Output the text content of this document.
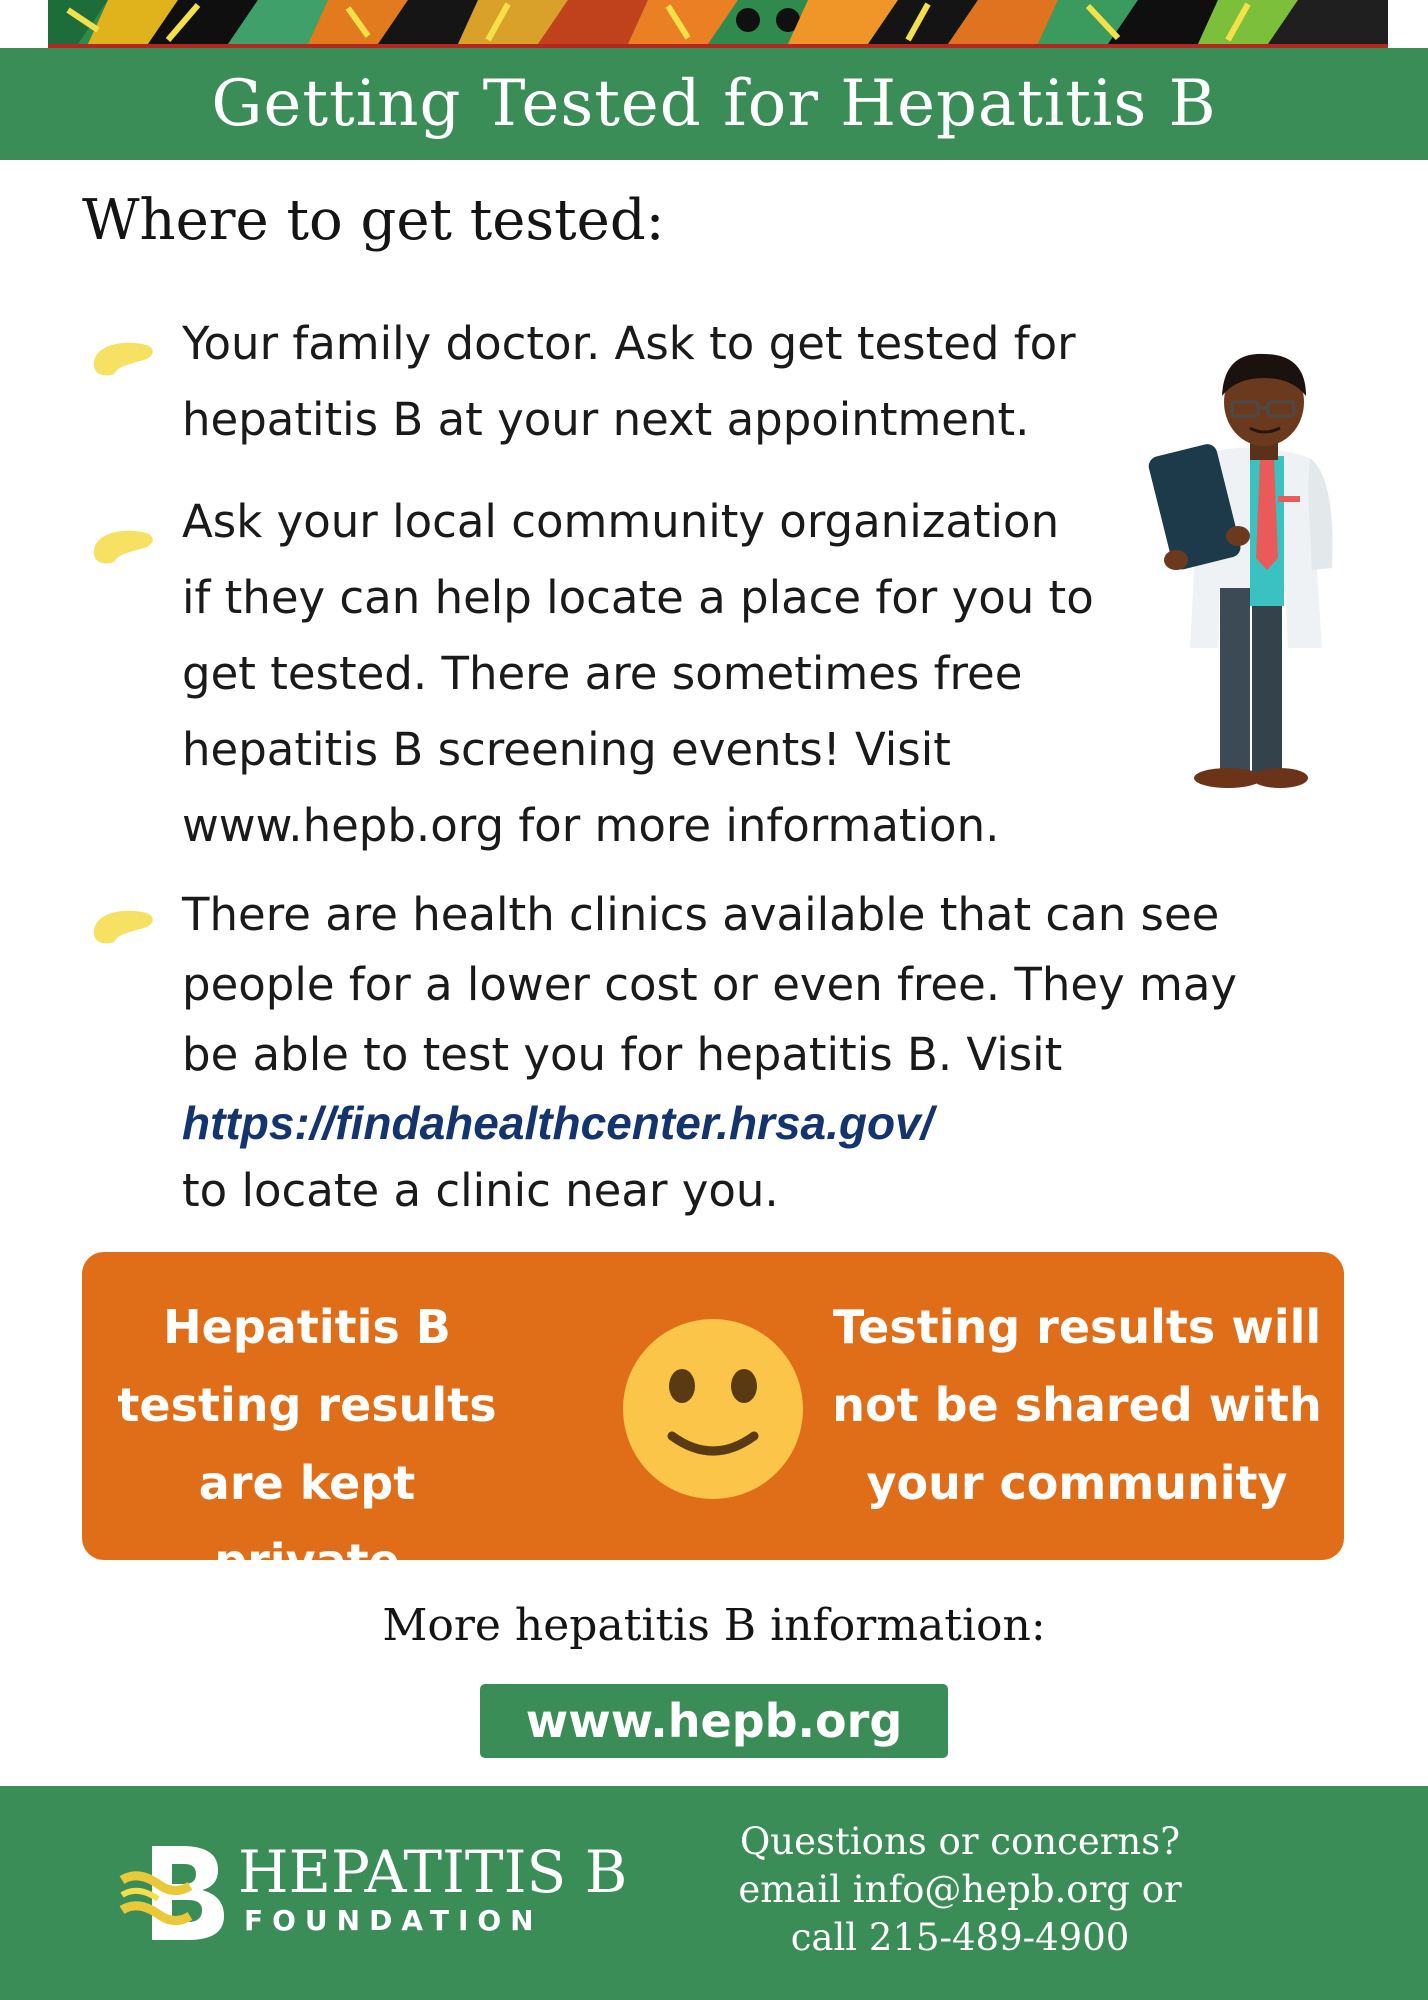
Getting Tested for Hepatitis B
Where to get tested:

Your family doctor. Ask to get tested for

hepatitis B at your next appointment.

Ask your local community organization

if they can help locate a place for you to

get tested. There are sometimes free

hepatitis B screening events! Visit

www.hepb.org for more information.

There are health clinics available that can see

people for a lower cost or even free. They may

be able to test you for hepatitis B. Visit

https://findahealthcenter.hrsa.gov/

to locate a clinic near you.

Hepatitis B
testing results
are kept private
Testing results will
not be shared with
your community
More hepatitis B information:
www.hepb.org
HEPATITIS B
FOUNDATION
Questions or concerns?
email info@hepb.org or
call 215-489-4900
